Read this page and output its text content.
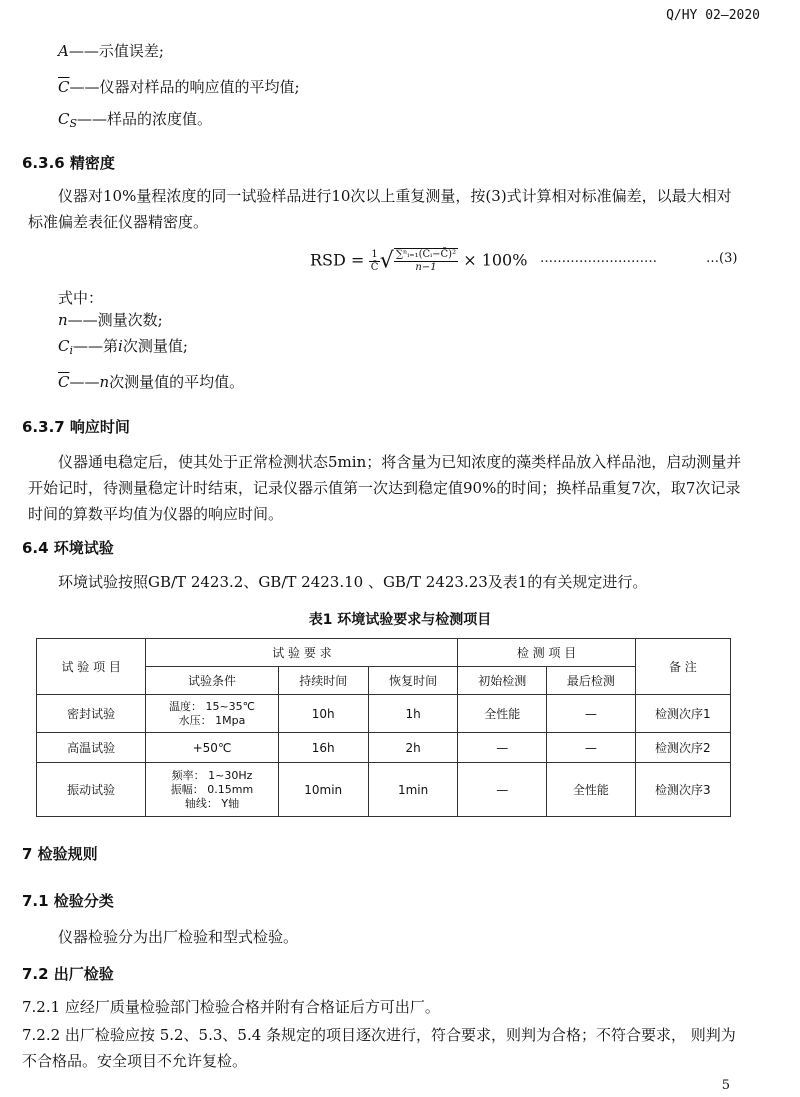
Q/HY 02—2020
A——示值误差;
$\overline{C}——$仪器对样品的响应值的平均值;
$C_S——$样品的浓度值。
6.3.6 精密度
仪器对10%量程浓度的同一试验样品进行10次以上重复测量，按(3)式计算相对标准偏差，以最大相对标准偏差表征仪器精密度。
RSD = $\frac{1}{C̄}$ √ $\frac{\text{∑ⁿᵢ₌₁(Cᵢ−C̄)²}}{n-1} \times 100\%$ ………………………	…(3)
式中：
n——测量次数;
$C_i——$第i次测量值;
$\overline{C}——n$次测量值的平均值。
6.3.7 响应时间
仪器通电稳定后，使其处于正常检测状态5min；将含量为已知浓度的藻类样品放入样品池，启动测量并开始记时，待测量稳定计时结束，记录仪器示值第一次达到稳定值90%的时间；换样品重复7次，取7次记录时间的算数平均值为仪器的响应时间。
6.4 环境试验
环境试验按照GB/T 2423.2、GB/T 2423.10 、GB/T 2423.23及表1的有关规定进行。
表1 环境试验要求与检测项目
试 验 项 目	试 验 要 求			检 测 项 目		备 注
	试验条件	持续时间	恢复时间	初始检测	最后检测	
密封试验	温度： 15~35℃
水压： 1Mpa	10h	1h	全性能	—	检测次序1
高温试验	+50℃	16h	2h	—	—	检测次序2
振动试验	频率： 1~30Hz
振幅： 0.15mm
轴线： Y轴	10min	1min	—	全性能	检测次序3
7 检验规则
7.1 检验分类
仪器检验分为出厂检验和型式检验。
7.2 出厂检验
7.2.1 应经厂质量检验部门检验合格并附有合格证后方可出厂。
7.2.2 出厂检验应按 5.2、5.3、5.4 条规定的项目逐次进行，符合要求，则判为合格；不符合要求， 则判为不合格品。安全项目不允许复检。
5
